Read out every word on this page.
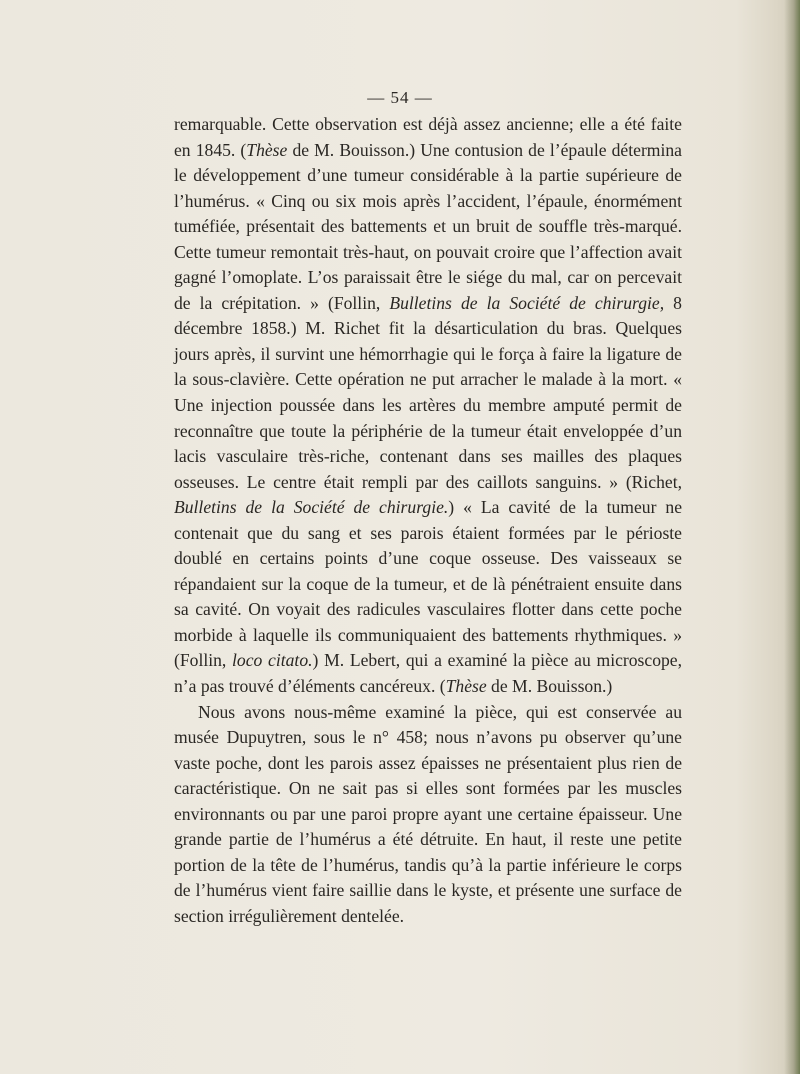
— 54 —

remarquable. Cette observation est déjà assez ancienne; elle a été faite en 1845. (Thèse de M. Bouisson.) Une contusion de l’épaule détermina le développement d’une tumeur considérable à la partie supérieure de l’humérus. « Cinq ou six mois après l’accident, l’épaule, énormément tuméfiée, présentait des battements et un bruit de souffle très-marqué. Cette tumeur remontait très-haut, on pouvait croire que l’affection avait gagné l’omoplate. L’os paraissait être le siége du mal, car on percevait de la crépitation. » (Follin, Bulletins de la Société de chirurgie, 8 décembre 1858.) M. Richet fit la désarticulation du bras. Quelques jours après, il survint une hémorrhagie qui le força à faire la ligature de la sous-clavière. Cette opération ne put arracher le malade à la mort. « Une injection poussée dans les artères du membre amputé permit de reconnaître que toute la périphérie de la tumeur était enveloppée d’un lacis vasculaire très-riche, contenant dans ses mailles des plaques osseuses. Le centre était rempli par des caillots sanguins. » (Richet, Bulletins de la Société de chirurgie.) « La cavité de la tumeur ne contenait que du sang et ses parois étaient formées par le périoste doublé en certains points d’une coque osseuse. Des vaisseaux se répandaient sur la coque de la tumeur, et de là pénétraient ensuite dans sa cavité. On voyait des radicules vasculaires flotter dans cette poche morbide à laquelle ils communiquaient des battements rhythmiques. » (Follin, loco citato.) M. Lebert, qui a examiné la pièce au microscope, n’a pas trouvé d’éléments cancéreux. (Thèse de M. Bouisson.)

Nous avons nous-même examiné la pièce, qui est conservée au musée Dupuytren, sous le n° 458; nous n’avons pu observer qu’une vaste poche, dont les parois assez épaisses ne présentaient plus rien de caractéristique. On ne sait pas si elles sont formées par les muscles environnants ou par une paroi propre ayant une certaine épaisseur. Une grande partie de l’humérus a été détruite. En haut, il reste une petite portion de la tête de l’humérus, tandis qu’à la partie inférieure le corps de l’humérus vient faire saillie dans le kyste, et présente une surface de section irrégulièrement dentelée.
